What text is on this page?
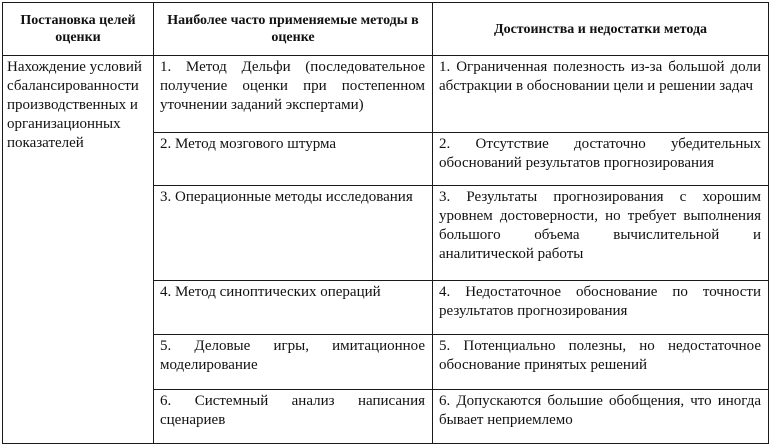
Постановка целей оценки	Наиболее часто применяемые методы в оценке	Достоинства и недостатки метода
Нахождение условий сбалансированности производственных и организационных показателей	1. Метод Дельфи (последовательное получение оценки при постепенном уточнении заданий экспертами)	1. Ограниченная полезность из-за большой доли абстракции в обосновании цели и решении задач
	2. Метод мозгового штурма	2. Отсутствие достаточно убедительных обоснований результатов прогнозирования
	3. Операционные методы исследования	3. Результаты прогнозирования с хорошим уровнем достоверности, но требует выполнения большого объема вычислительной и аналитической работы
	4. Метод синоптических операций	4. Недостаточное обоснование по точности результатов прогнозирования
	5. Деловые игры, имитационное моделирование	5. Потенциально полезны, но недостаточное обоснование принятых решений
	6. Системный анализ написания сценариев	6. Допускаются большие обобщения, что иногда бывает неприемлемо
